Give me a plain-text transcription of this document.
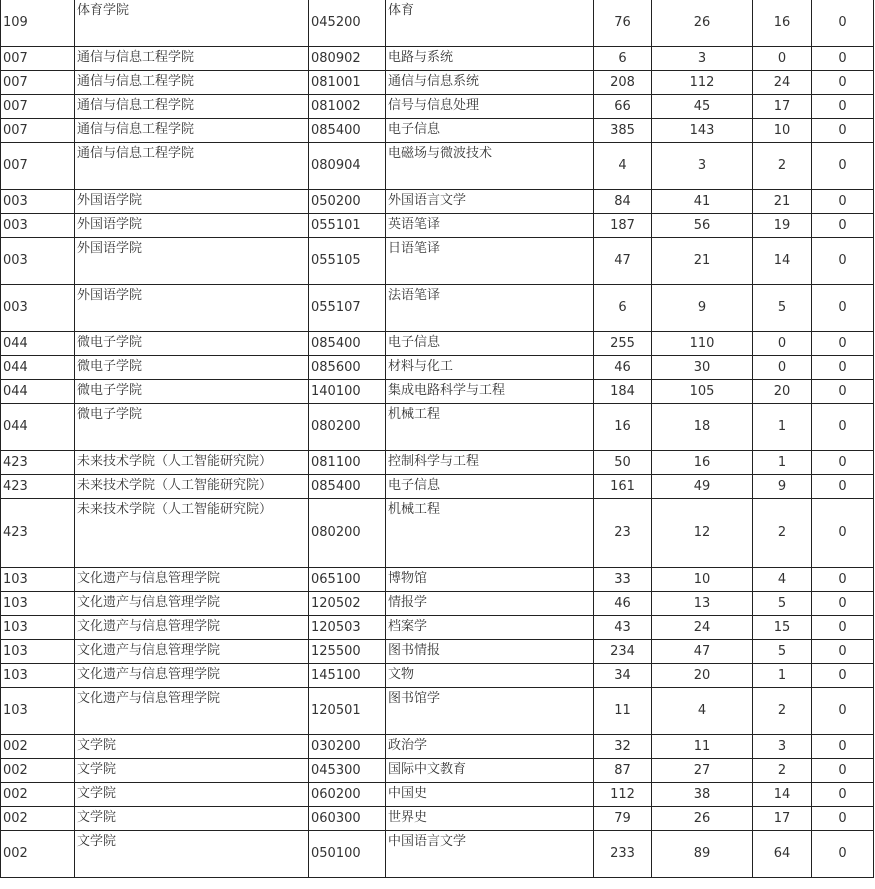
109	体育学院	045200	体育	76	26	16	0

007	通信与信息工程学院	080902	电路与系统	6	3	0	0

007	通信与信息工程学院	081001	通信与信息系统	208	112	24	0

007	通信与信息工程学院	081002	信号与信息处理	66	45	17	0

007	通信与信息工程学院	085400	电子信息	385	143	10	0

007	通信与信息工程学院	080904	电磁场与微波技术	4	3	2	0

003	外国语学院	050200	外国语言文学	84	41	21	0

003	外国语学院	055101	英语笔译	187	56	19	0

003	外国语学院	055105	日语笔译	47	21	14	0

003	外国语学院	055107	法语笔译	6	9	5	0

044	微电子学院	085400	电子信息	255	110	0	0

044	微电子学院	085600	材料与化工	46	30	0	0

044	微电子学院	140100	集成电路科学与工程	184	105	20	0

044	微电子学院	080200	机械工程	16	18	1	0

423	未来技术学院（人工智能研究院）	081100	控制科学与工程	50	16	1	0

423	未来技术学院（人工智能研究院）	085400	电子信息	161	49	9	0

423	未来技术学院（人工智能研究院）	080200	机械工程	23	12	2	0

103	文化遗产与信息管理学院	065100	博物馆	33	10	4	0

103	文化遗产与信息管理学院	120502	情报学	46	13	5	0

103	文化遗产与信息管理学院	120503	档案学	43	24	15	0

103	文化遗产与信息管理学院	125500	图书情报	234	47	5	0

103	文化遗产与信息管理学院	145100	文物	34	20	1	0

103	文化遗产与信息管理学院	120501	图书馆学	11	4	2	0

002	文学院	030200	政治学	32	11	3	0

002	文学院	045300	国际中文教育	87	27	2	0

002	文学院	060200	中国史	112	38	14	0

002	文学院	060300	世界史	79	26	17	0

002	文学院	050100	中国语言文学	233	89	64	0
